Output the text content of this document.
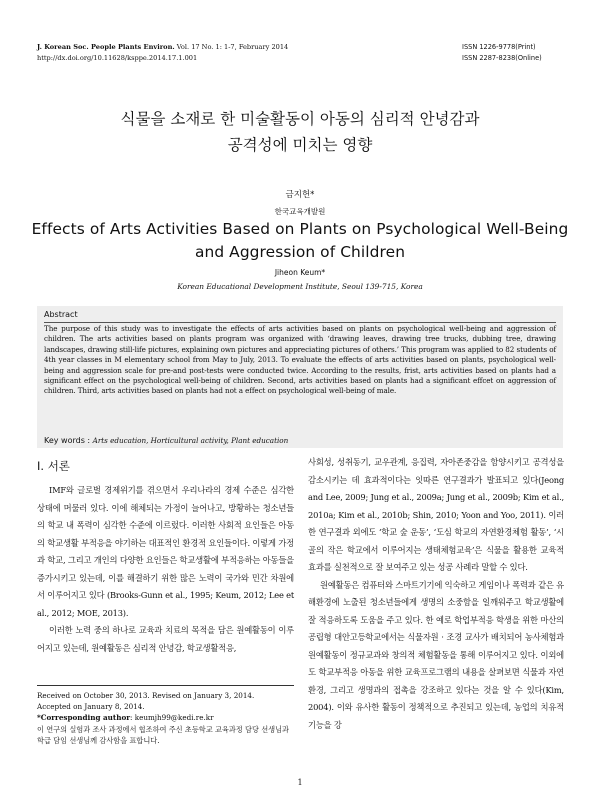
J. Korean Soc. People Plants Environ. Vol. 17 No. 1: 1-7, February 2014
http://dx.doi.org/10.11628/ksppe.2014.17.1.001
ISSN 1226-9778(Print)
ISSN 2287-8238(Online)
식물을 소재로 한 미술활동이 아동의 심리적 안녕감과
공격성에 미치는 영향
금지헌*
한국교육개발원
Effects of Arts Activities Based on Plants on Psychological Well-Being
and Aggression of Children
Jiheon Keum*
Korean Educational Development Institute, Seoul 139-715, Korea
Abstract
The purpose of this study was to investigate the effects of arts activities based on plants on psychological well-being and aggression of children. The arts activities based on plants program was organized with ‘drawing leaves, drawing tree trucks, dubbing tree, drawing landscapes, drawing still-life pictures, explaining own pictures and appreciating pictures of others.’ This program was applied to 82 students of 4th year classes in M elementary school from May to July, 2013. To evaluate the effects of arts activities based on plants, psychological well-being and aggression scale for pre-and post-tests were conducted twice. According to the results, frist, arts activities based on plants had a significant effect on the psychological well-being of children. Second, arts activities based on plants had a significant effcet on aggression of children. Third, arts activities based on plants had not a effect on psychological well-being of male.
Key words : Arts education, Horticultural activity, Plant education
Ⅰ. 서론

IMF와 글로벌 경제위기를 겪으면서 우리나라의 경제 수준은 심각한 상태에 머물러 있다. 이에 해체되는 가정이 늘어나고, 방황하는 청소년들의 학교 내 폭력이 심각한 수준에 이르렀다. 이러한 사회적 요인들은 아동의 학교생활 부적응을 야기하는 대표적인 환경적 요인들이다. 이렇게 가정과 학교, 그리고 개인의 다양한 요인들은 학교생활에 부적응하는 아동들을 증가시키고 있는데, 이를 해결하기 위한 많은 노력이 국가와 민간 차원에서 이루어지고 있다 (Brooks-Gunn et al., 1995; Keum, 2012; Lee et al., 2012; MOE, 2013).

이러한 노력 중의 하나로 교육과 치료의 목적을 담은 원예활동이 이루어지고 있는데, 원예활동은 심리적 안녕감, 학교생활적응,

사회성, 성취동기, 교우관계, 응집력, 자아존중감을 함양시키고 공격성을 감소시키는 데 효과적이다는 잇따른 연구결과가 발표되고 있다(Jeong and Lee, 2009; Jung et al., 2009a; Jung et al., 2009b; Kim et al., 2010a; Kim et al., 2010b; Shin, 2010; Yoon and Yoo, 2011). 이러한 연구결과 외에도 ‘학교 숲 운동’, ‘도심 학교의 자연환경체험 활동’, ‘시골의 작은 학교에서 이루어지는 생태체험교육’은 식물을 활용한 교육적 효과를 실천적으로 잘 보여주고 있는 성공 사례라 말할 수 있다.

원예활동은 컴퓨터와 스마트기기에 익숙하고 게임이나 폭력과 같은 유해환경에 노출된 청소년들에게 생명의 소중함을 일깨워주고 학교생활에 잘 적응하도록 도움을 주고 있다. 한 예로 학업부적응 학생을 위한 마산의 공립형 대안고등학교에서는 식물자원 · 조경 교사가 배치되어 농사체험과 원예활동이 정규교과와 창의적 체험활동을 통해 이루어지고 있다. 이외에도 학교부적응 아동을 위한 교육프로그램의 내용을 살펴보면 식물과 자연환경, 그리고 생명과의 접촉을 강조하고 있다는 것을 알 수 있다(Kim, 2004). 이와 유사한 활동이 정책적으로 추진되고 있는데, 농업의 치유적 기능을 강

Received on October 30, 2013. Revised on January 3, 2014.
Accepted on January 8, 2014.
*Corresponding author: keumjh99@kedi.re.kr
이 연구의 실험과 조사 과정에서 협조하여 주신 초등학교 교육과정 담당 선생님과 학급 담임 선생님께 감사함을 표합니다.
1
